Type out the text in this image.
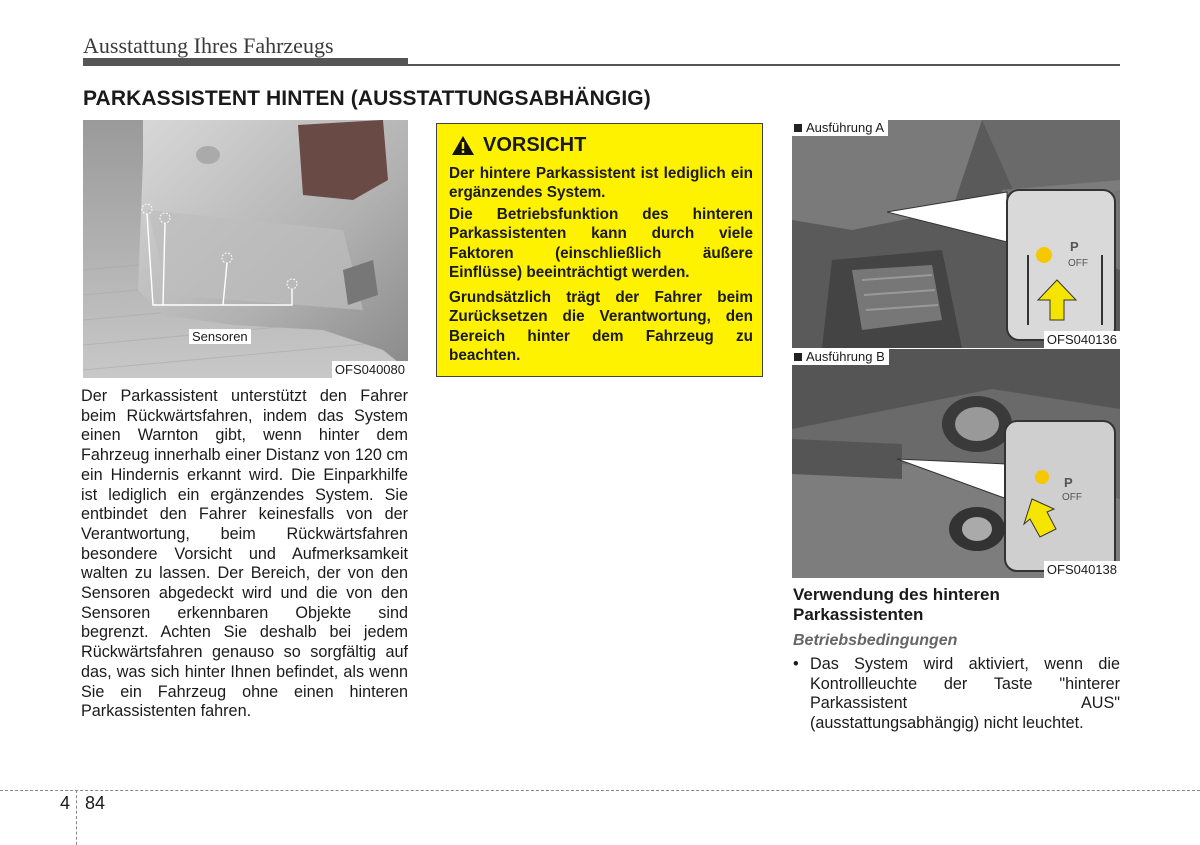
Ausstattung Ihres Fahrzeugs
PARKASSISTENT HINTEN (AUSSTATTUNGSABHÄNGIG)
Sensoren
OFS040080
Der Parkassistent unterstützt den Fahrer beim Rückwärtsfahren, indem das System einen Warnton gibt, wenn hinter dem Fahrzeug innerhalb einer Distanz von 120 cm ein Hindernis erkannt wird. Die Einparkhilfe ist lediglich ein ergänzendes System. Sie entbindet den Fahrer keinesfalls von der Verantwortung, beim Rückwärtsfahren besondere Vorsicht und Aufmerksamkeit walten zu lassen. Der Bereich, der von den Sensoren abgedeckt wird und die von den Sensoren erkennbaren Objekte sind begrenzt. Achten Sie deshalb bei jedem Rückwärtsfahren genauso so sorgfältig auf das, was sich hinter Ihnen befindet, als wenn Sie ein Fahrzeug ohne einen hinteren Parkassistenten fahren.
VORSICHT
Der hintere Parkassistent ist lediglich ein ergänzendes System.
Die Betriebsfunktion des hinteren Parkassistenten kann durch viele Faktoren (einschließlich äußere Einflüsse) beeinträchtigt werden.
Grundsätzlich trägt der Fahrer beim Zurücksetzen die Verantwortung, den Bereich hinter dem Fahrzeug zu beachten.
Ausführung A
P
OFF
OFS040136
Ausführung B
P
OFF
OFS040138
Verwendung des hinteren Parkassistenten
Betriebsbedingungen
• Das System wird aktiviert, wenn die Kontrollleuchte der Taste "hinterer Parkassistent AUS" (ausstattungsabhängig) nicht leuchtet.
4 84
